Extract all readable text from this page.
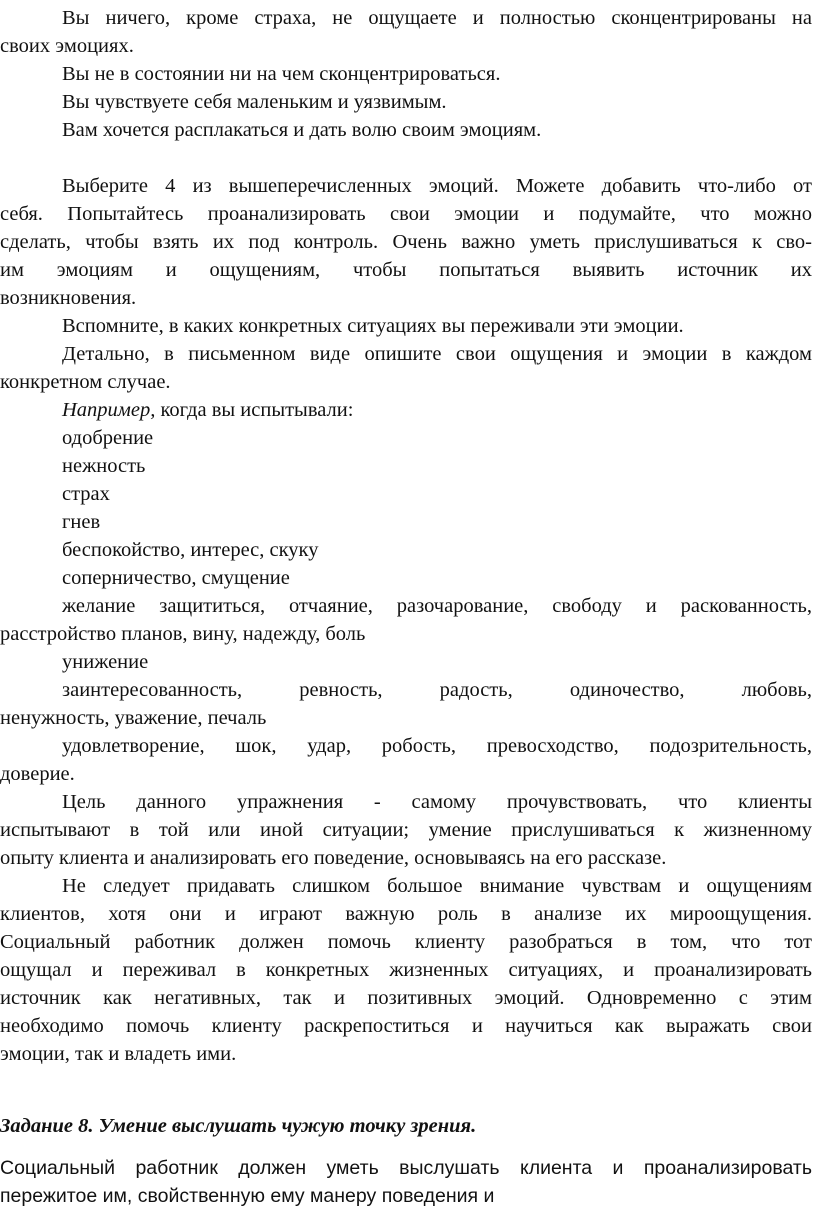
Вы ничего, кроме страха, не ощущаете и полностью сконцентрированы на
своих эмоциях.
Вы не в состоянии ни на чем сконцентрироваться.
Вы чувствуете себя маленьким и уязвимым.
Вам хочется расплакаться и дать волю своим эмоциям.
Выберите 4 из вышеперечисленных эмоций. Можете добавить что-либо от
себя. Попытайтесь проанализировать свои эмоции и подумайте, что можно
сделать, чтобы взять их под контроль. Очень важно уметь прислушиваться к сво-
им эмоциям и ощущениям, чтобы попытаться выявить источник их
возникновения.
Вспомните, в каких конкретных ситуациях вы переживали эти эмоции.
Детально, в письменном виде опишите свои ощущения и эмоции в каждом
конкретном случае.
Например, когда вы испытывали:
одобрение
нежность
страх
гнев
беспокойство, интерес, скуку
соперничество, смущение
желание защититься, отчаяние, разочарование, свободу и раскованность,
расстройство планов, вину, надежду, боль
унижение
заинтересованность, ревность, радость, одиночество, любовь,
ненужность, уважение, печаль
удовлетворение, шок, удар, робость, превосходство, подозрительность,
доверие.
Цель данного упражнения - самому прочувствовать, что клиенты
испытывают в той или иной ситуации; умение прислушиваться к жизненному
опыту клиента и анализировать его поведение, основываясь на его рассказе.
Не следует придавать слишком большое внимание чувствам и ощущениям
клиентов, хотя они и играют важную роль в анализе их мироощущения.
Социальный работник должен помочь клиенту разобраться в том, что тот
ощущал и переживал в конкретных жизненных ситуациях, и проанализировать
источник как негативных, так и позитивных эмоций. Одновременно с этим
необходимо помочь клиенту раскрепоститься и научиться как выражать свои
эмоции, так и владеть ими.
Задание 8. Умение выслушать чужую точку зрения.
Социальный работник должен уметь выслушать клиента и проанализировать
пережитое им, свойственную ему манеру поведения и
